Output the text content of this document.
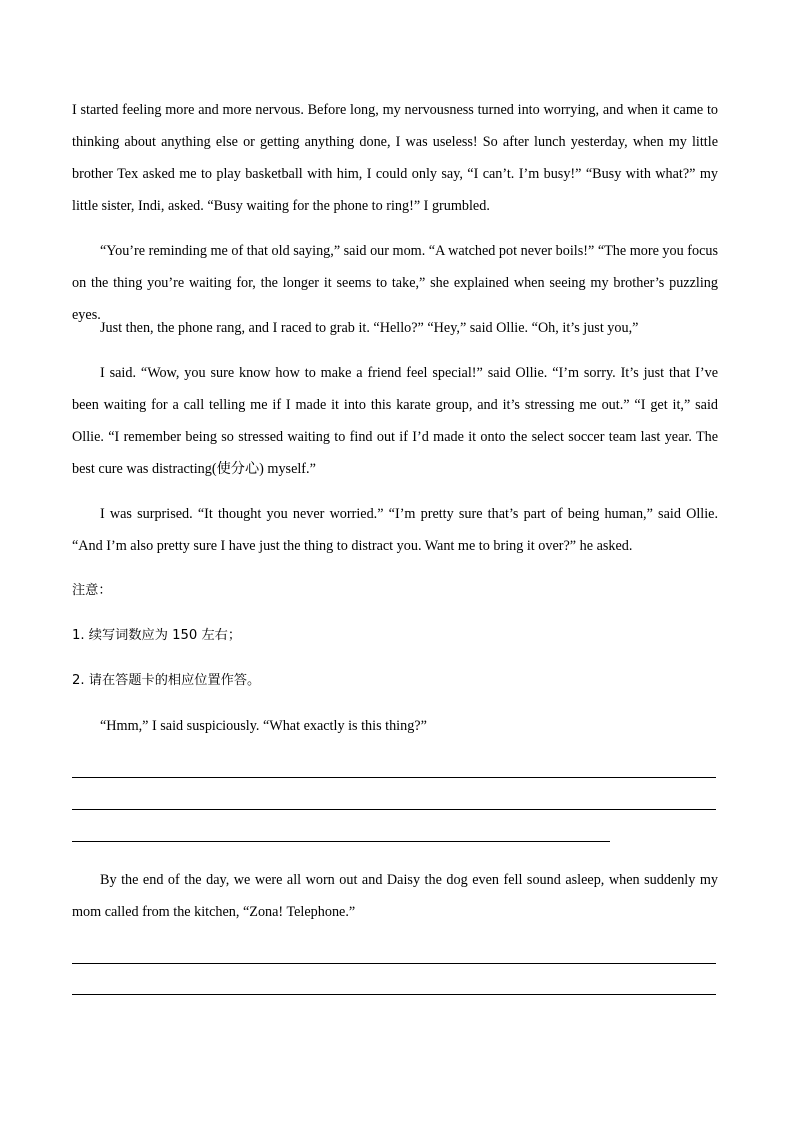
I started feeling more and more nervous. Before long, my nervousness turned into worrying, and when it came to thinking about anything else or getting anything done, I was useless! So after lunch yesterday, when my little brother Tex asked me to play basketball with him, I could only say, “I can’t. I’m busy!” “Busy with what?” my little sister, Indi, asked. “Busy waiting for the phone to ring!” I grumbled.

“You’re reminding me of that old saying,” said our mom. “A watched pot never boils!” “The more you focus on the thing you’re waiting for, the longer it seems to take,” she explained when seeing my brother’s puzzling eyes.

Just then, the phone rang, and I raced to grab it. “Hello?” “Hey,” said Ollie. “Oh, it’s just you,”

I said. “Wow, you sure know how to make a friend feel special!” said Ollie. “I’m sorry. It’s just that I’ve been waiting for a call telling me if I made it into this karate group, and it’s stressing me out.” “I get it,” said Ollie. “I remember being so stressed waiting to find out if I’d made it onto the select soccer team last year. The best cure was distracting(使分心) myself.”

I was surprised. “It thought you never worried.” “I’m pretty sure that’s part of being human,” said Ollie. “And I’m also pretty sure I have just the thing to distract you. Want me to bring it over?” he asked.

注意：

1. 续写词数应为 150 左右；

2. 请在答题卡的相应位置作答。

“Hmm,” I said suspiciously. “What exactly is this thing?”

By the end of the day, we were all worn out and Daisy the dog even fell sound asleep, when suddenly my mom called from the kitchen, “Zona! Telephone.”
